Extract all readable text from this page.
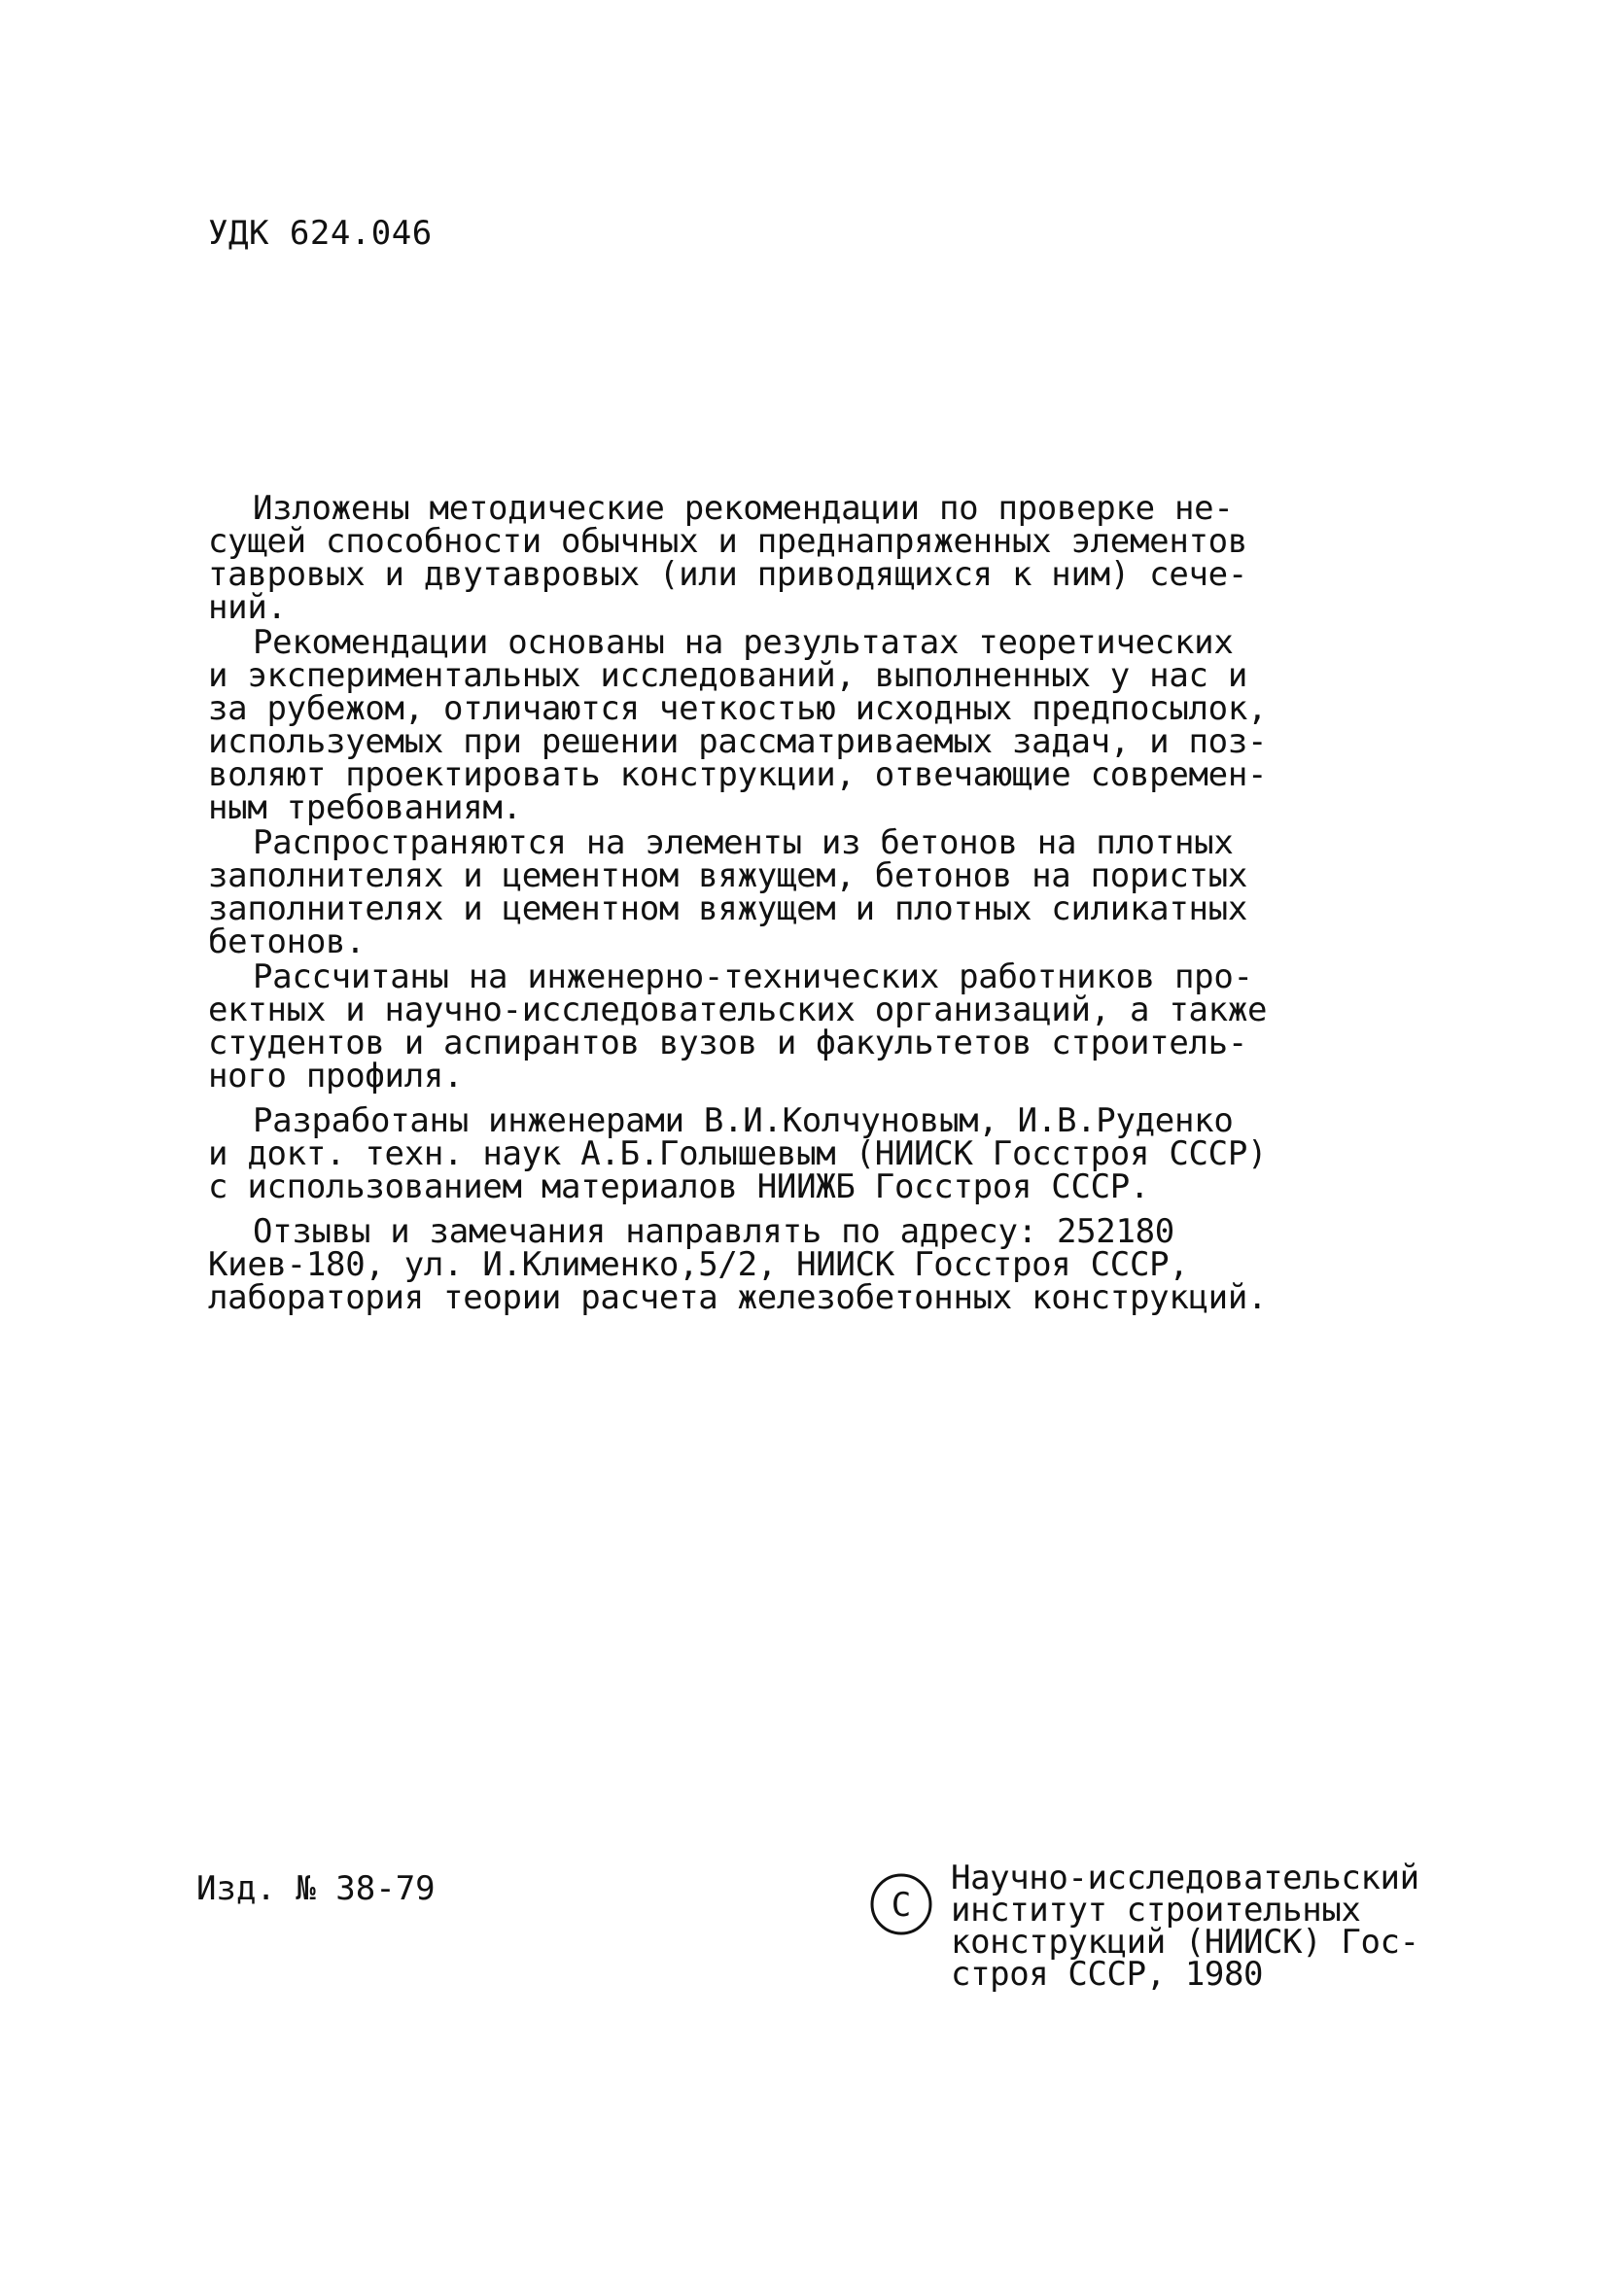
УДК 624.046
Изложены методические рекомендации по проверке не-
сущей способности обычных и преднапряженных элементов
тавровых и двутавровых (или приводящихся к ним) сече-
ний.
Рекомендации основаны на результатах теоретических
и экспериментальных исследований, выполненных у нас и
за рубежом, отличаются четкостью исходных предпосылок,
используемых при решении рассматриваемых задач, и поз-
воляют проектировать конструкции, отвечающие современ-
ным требованиям.
Распространяются на элементы из бетонов на плотных
заполнителях и цементном вяжущем, бетонов на пористых
заполнителях и цементном вяжущем и плотных силикатных
бетонов.
Рассчитаны на инженерно-технических работников про-
ектных и научно-исследовательских организаций, а также
студентов и аспирантов вузов и факультетов строитель-
ного профиля.
Разработаны инженерами В.И.Колчуновым, И.В.Руденко
и докт. техн. наук А.Б.Голышевым (НИИСК Госстроя СССР)
с использованием материалов НИИЖБ Госстроя СССР.
Отзывы и замечания направлять по адресу: 252180
Киев-180, ул. И.Клименко,5/2, НИИСК Госстроя СССР,
лаборатория теории расчета железобетонных конструкций.
Изд. № 38-79	C
Научно-исследовательский
институт строительных
конструкций (НИИСК) Гос-
строя СССР, 1980
